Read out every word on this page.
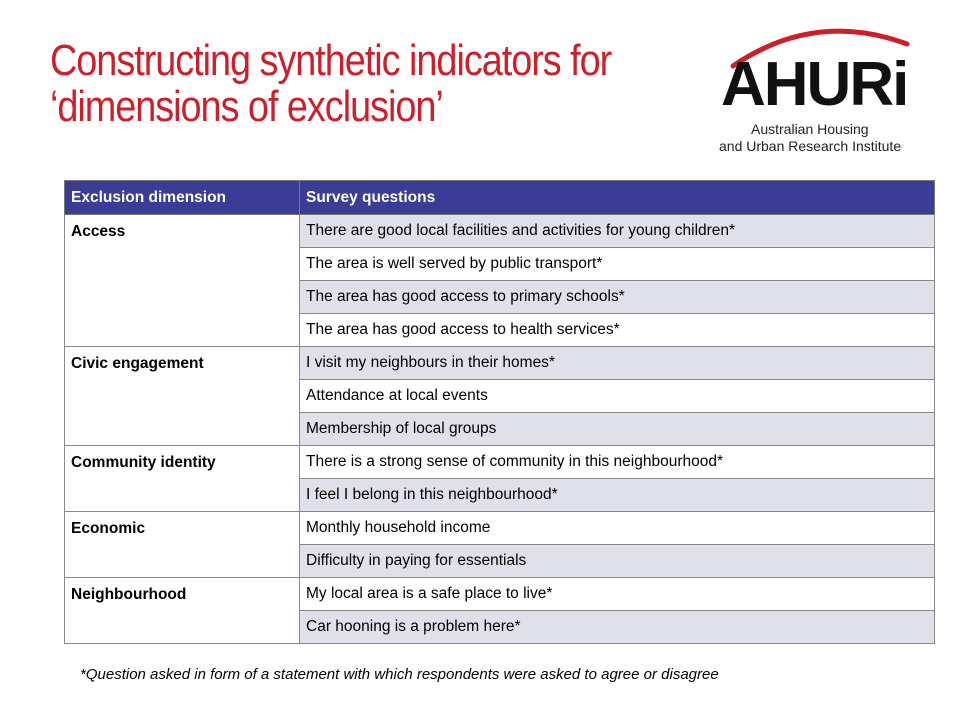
Constructing synthetic indicators for
‘dimensions of exclusion’	AHURi
Australian Housing
and Urban Research Institute
Exclusion dimension	Survey questions
Access	There are good local facilities and activities for young children*
	The area is well served by public transport*
	The area has good access to primary schools*
	The area has good access to health services*
Civic engagement	I visit my neighbours in their homes*
	Attendance at local events
	Membership of local groups
Community identity	There is a strong sense of community in this neighbourhood*
	I feel I belong in this neighbourhood*
Economic	Monthly household income
	Difficulty in paying for essentials
Neighbourhood	My local area is a safe place to live*
	Car hooning is a problem here*
*Question asked in form of a statement with which respondents were asked to agree or disagree
